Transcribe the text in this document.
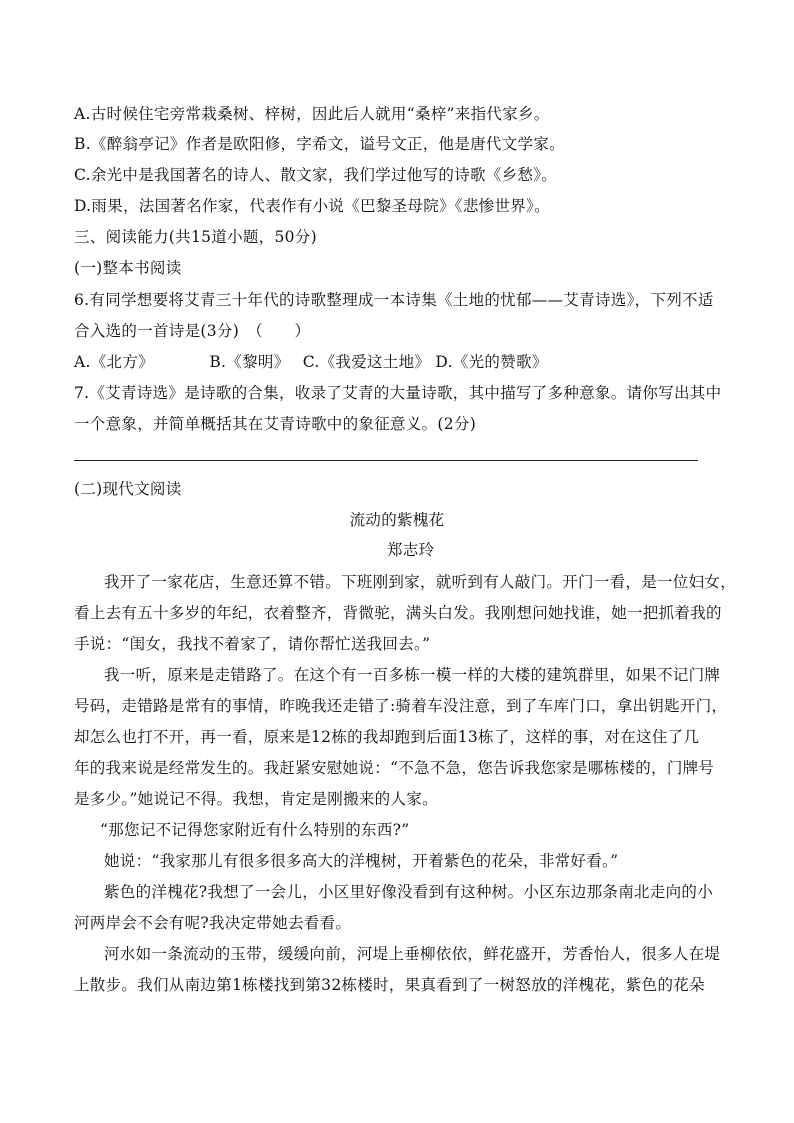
A.古时候住宅旁常栽桑树、梓树，因此后人就用“桑梓”来指代家乡。
B.《醉翁亭记》作者是欧阳修，字希文，谥号文正，他是唐代文学家。
C.余光中是我国著名的诗人、散文家，我们学过他写的诗歌《乡愁》。
D.雨果，法国著名作家，代表作有小说《巴黎圣母院》《悲惨世界》。
三、阅读能力(共15道小题，50分)
(一)整本书阅读
6.有同学想要将艾青三十年代的诗歌整理成一本诗集《土地的忧郁——艾青诗选》，下列不适
合入选的一首诗是(3分)　（　　）
A.《北方》　　　　B.《黎明》　 C.《我爱这土地》 D.《光的赞歌》
7.《艾青诗选》是诗歌的合集，收录了艾青的大量诗歌，其中描写了多种意象。请你写出其中
一个意象，并简单概括其在艾青诗歌中的象征意义。(2分)
(二)现代文阅读
流动的紫槐花
郑志玲
我开了一家花店，生意还算不错。下班刚到家，就听到有人敲门。开门一看，是一位妇女，
看上去有五十多岁的年纪，衣着整齐，背微驼，满头白发。我刚想问她找谁，她一把抓着我的
手说：“闺女，我找不着家了，请你帮忙送我回去。”
我一听，原来是走错路了。在这个有一百多栋一模一样的大楼的建筑群里，如果不记门牌
号码，走错路是常有的事情，昨晚我还走错了:骑着车没注意，到了车库门口，拿出钥匙开门，
却怎么也打不开，再一看，原来是12栋的我却跑到后面13栋了，这样的事，对在这住了几
年的我来说是经常发生的。我赶紧安慰她说：“不急不急，您告诉我您家是哪栋楼的，门牌号
是多少。”她说记不得。我想，肯定是刚搬来的人家。
“那您记不记得您家附近有什么特别的东西?”
她说：“我家那儿有很多很多高大的洋槐树，开着紫色的花朵，非常好看。”
紫色的洋槐花?我想了一会儿，小区里好像没看到有这种树。小区东边那条南北走向的小
河两岸会不会有呢?我决定带她去看看。
河水如一条流动的玉带，缓缓向前，河堤上垂柳依依，鲜花盛开，芳香怡人，很多人在堤
上散步。我们从南边第1栋楼找到第32栋楼时，果真看到了一树怒放的洋槐花，紫色的花朵
